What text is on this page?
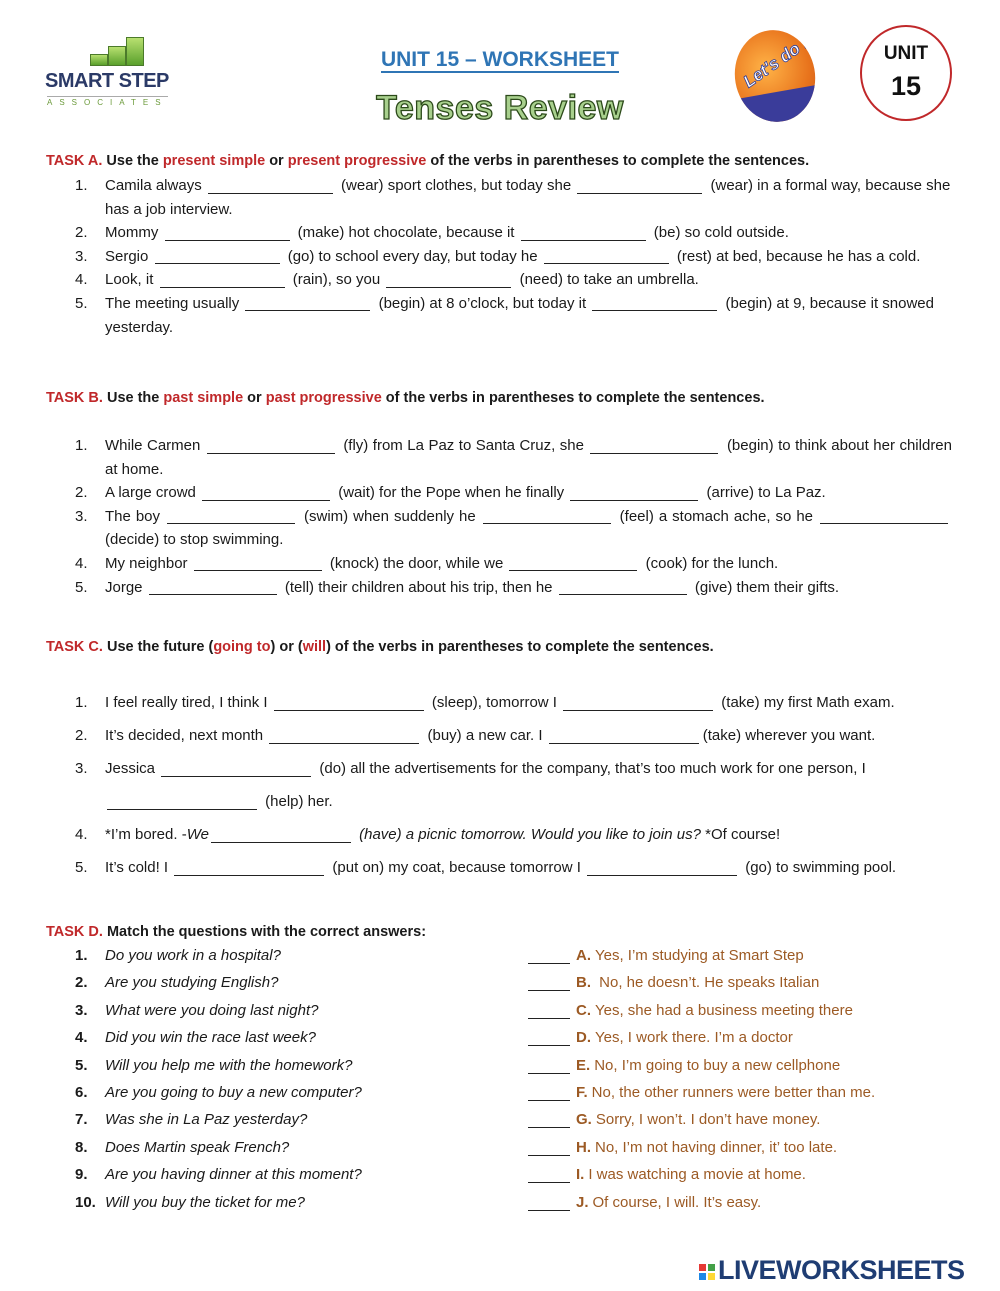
SMART STEP
ASSOCIATES
UNIT 15 – WORKSHEET
Tenses Review
Let's do it	UNIT
15
TASK A. Use the present simple or present progressive of the verbs in parentheses to complete the sentences.
1. Camila always	(wear) sport clothes, but today she	(wear) in a formal way, because she has a job interview.
2. Mommy	(make) hot chocolate, because it	(be) so cold outside.
3. Sergio	(go) to school every day, but today he	(rest) at bed, because he has a cold.
4. Look, it	(rain), so you	(need) to take an umbrella.
5. The meeting usually	(begin) at 8 o’clock, but today it	(begin) at 9, because it snowed yesterday.
TASK B. Use the past simple or past progressive of the verbs in parentheses to complete the sentences.
1. While Carmen	(fly) from La Paz to Santa Cruz, she	(begin) to think about her children at home.
2. A large crowd	(wait) for the Pope when he finally	(arrive) to La Paz.
3. The boy	(swim) when suddenly he	(feel) a stomach ache, so he  (decide) to stop swimming.
4. My neighbor	(knock) the door, while we	(cook) for the lunch.
5. Jorge	(tell) their children about his trip, then he	(give) them their gifts.
TASK C. Use the future (going to) or (will) of the verbs in parentheses to complete the sentences.
1. I feel really tired, I think I	(sleep), tomorrow I	(take) my first Math exam.
2. It’s decided, next month	(buy) a new car. I	(take) wherever you want.
3. Jessica	(do) all the advertisements for the company, that’s too much work for one person, I  (help) her.
4. *I’m bored. -We	(have) a picnic tomorrow. Would you like to join us? *Of course!
5. It’s cold! I	(put on) my coat, because tomorrow I	(go) to swimming pool.
TASK D. Match the questions with the correct answers:
1. Do you work in a hospital?	A. Yes, I’m studying at Smart Step
2. Are you studying English?	B. No, he doesn’t. He speaks Italian
3. What were you doing last night?	C. Yes, she had a business meeting there
4. Did you win the race last week?	D. Yes, I work there. I’m a doctor
5. Will you help me with the homework?	E. No, I’m going to buy a new cellphone
6. Are you going to buy a new computer?	F. No, the other runners were better than me.
7. Was she in La Paz yesterday?	G. Sorry, I won’t. I don’t have money.
8. Does Martin speak French?	H. No, I’m not having dinner, it’ too late.
9. Are you having dinner at this moment?	I. I was watching a movie at home.
10. Will you buy the ticket for me?	J. Of course, I will. It’s easy.
LIVEWORKSHEETS
